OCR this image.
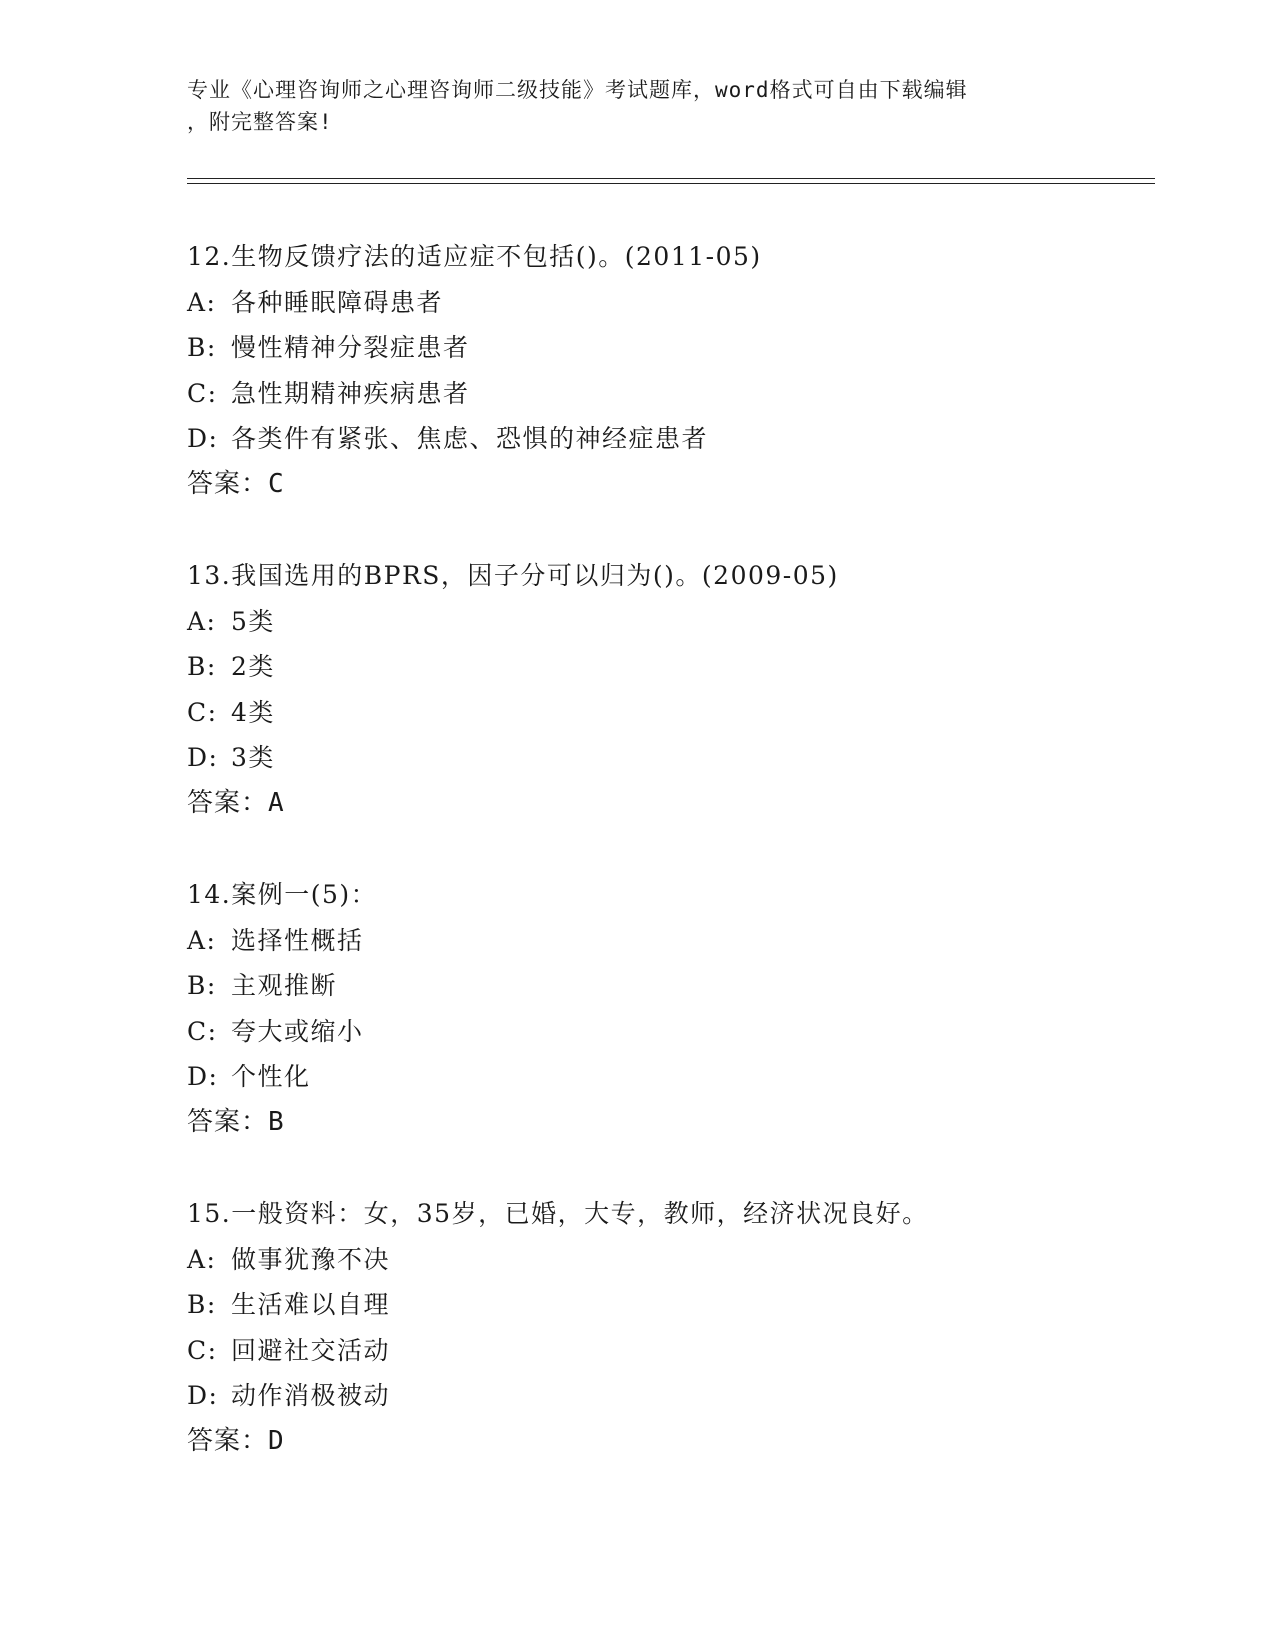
专业《心理咨询师之心理咨询师二级技能》考试题库，word格式可自由下载编辑
，附完整答案!
12.生物反馈疗法的适应症不包括()。(2011-05)
A: 各种睡眠障碍患者
B: 慢性精神分裂症患者
C: 急性期精神疾病患者
D: 各类件有紧张、焦虑、恐惧的神经症患者
答案：C
13.我国选用的BPRS，因子分可以归为()。(2009-05)
A: 5类
B: 2类
C: 4类
D: 3类
答案：A
14.案例一(5)：
A: 选择性概括
B: 主观推断
C: 夸大或缩小
D: 个性化
答案：B
15.一般资料：女，35岁，已婚，大专，教师，经济状况良好。
A: 做事犹豫不决
B: 生活难以自理
C: 回避社交活动
D: 动作消极被动
答案：D
